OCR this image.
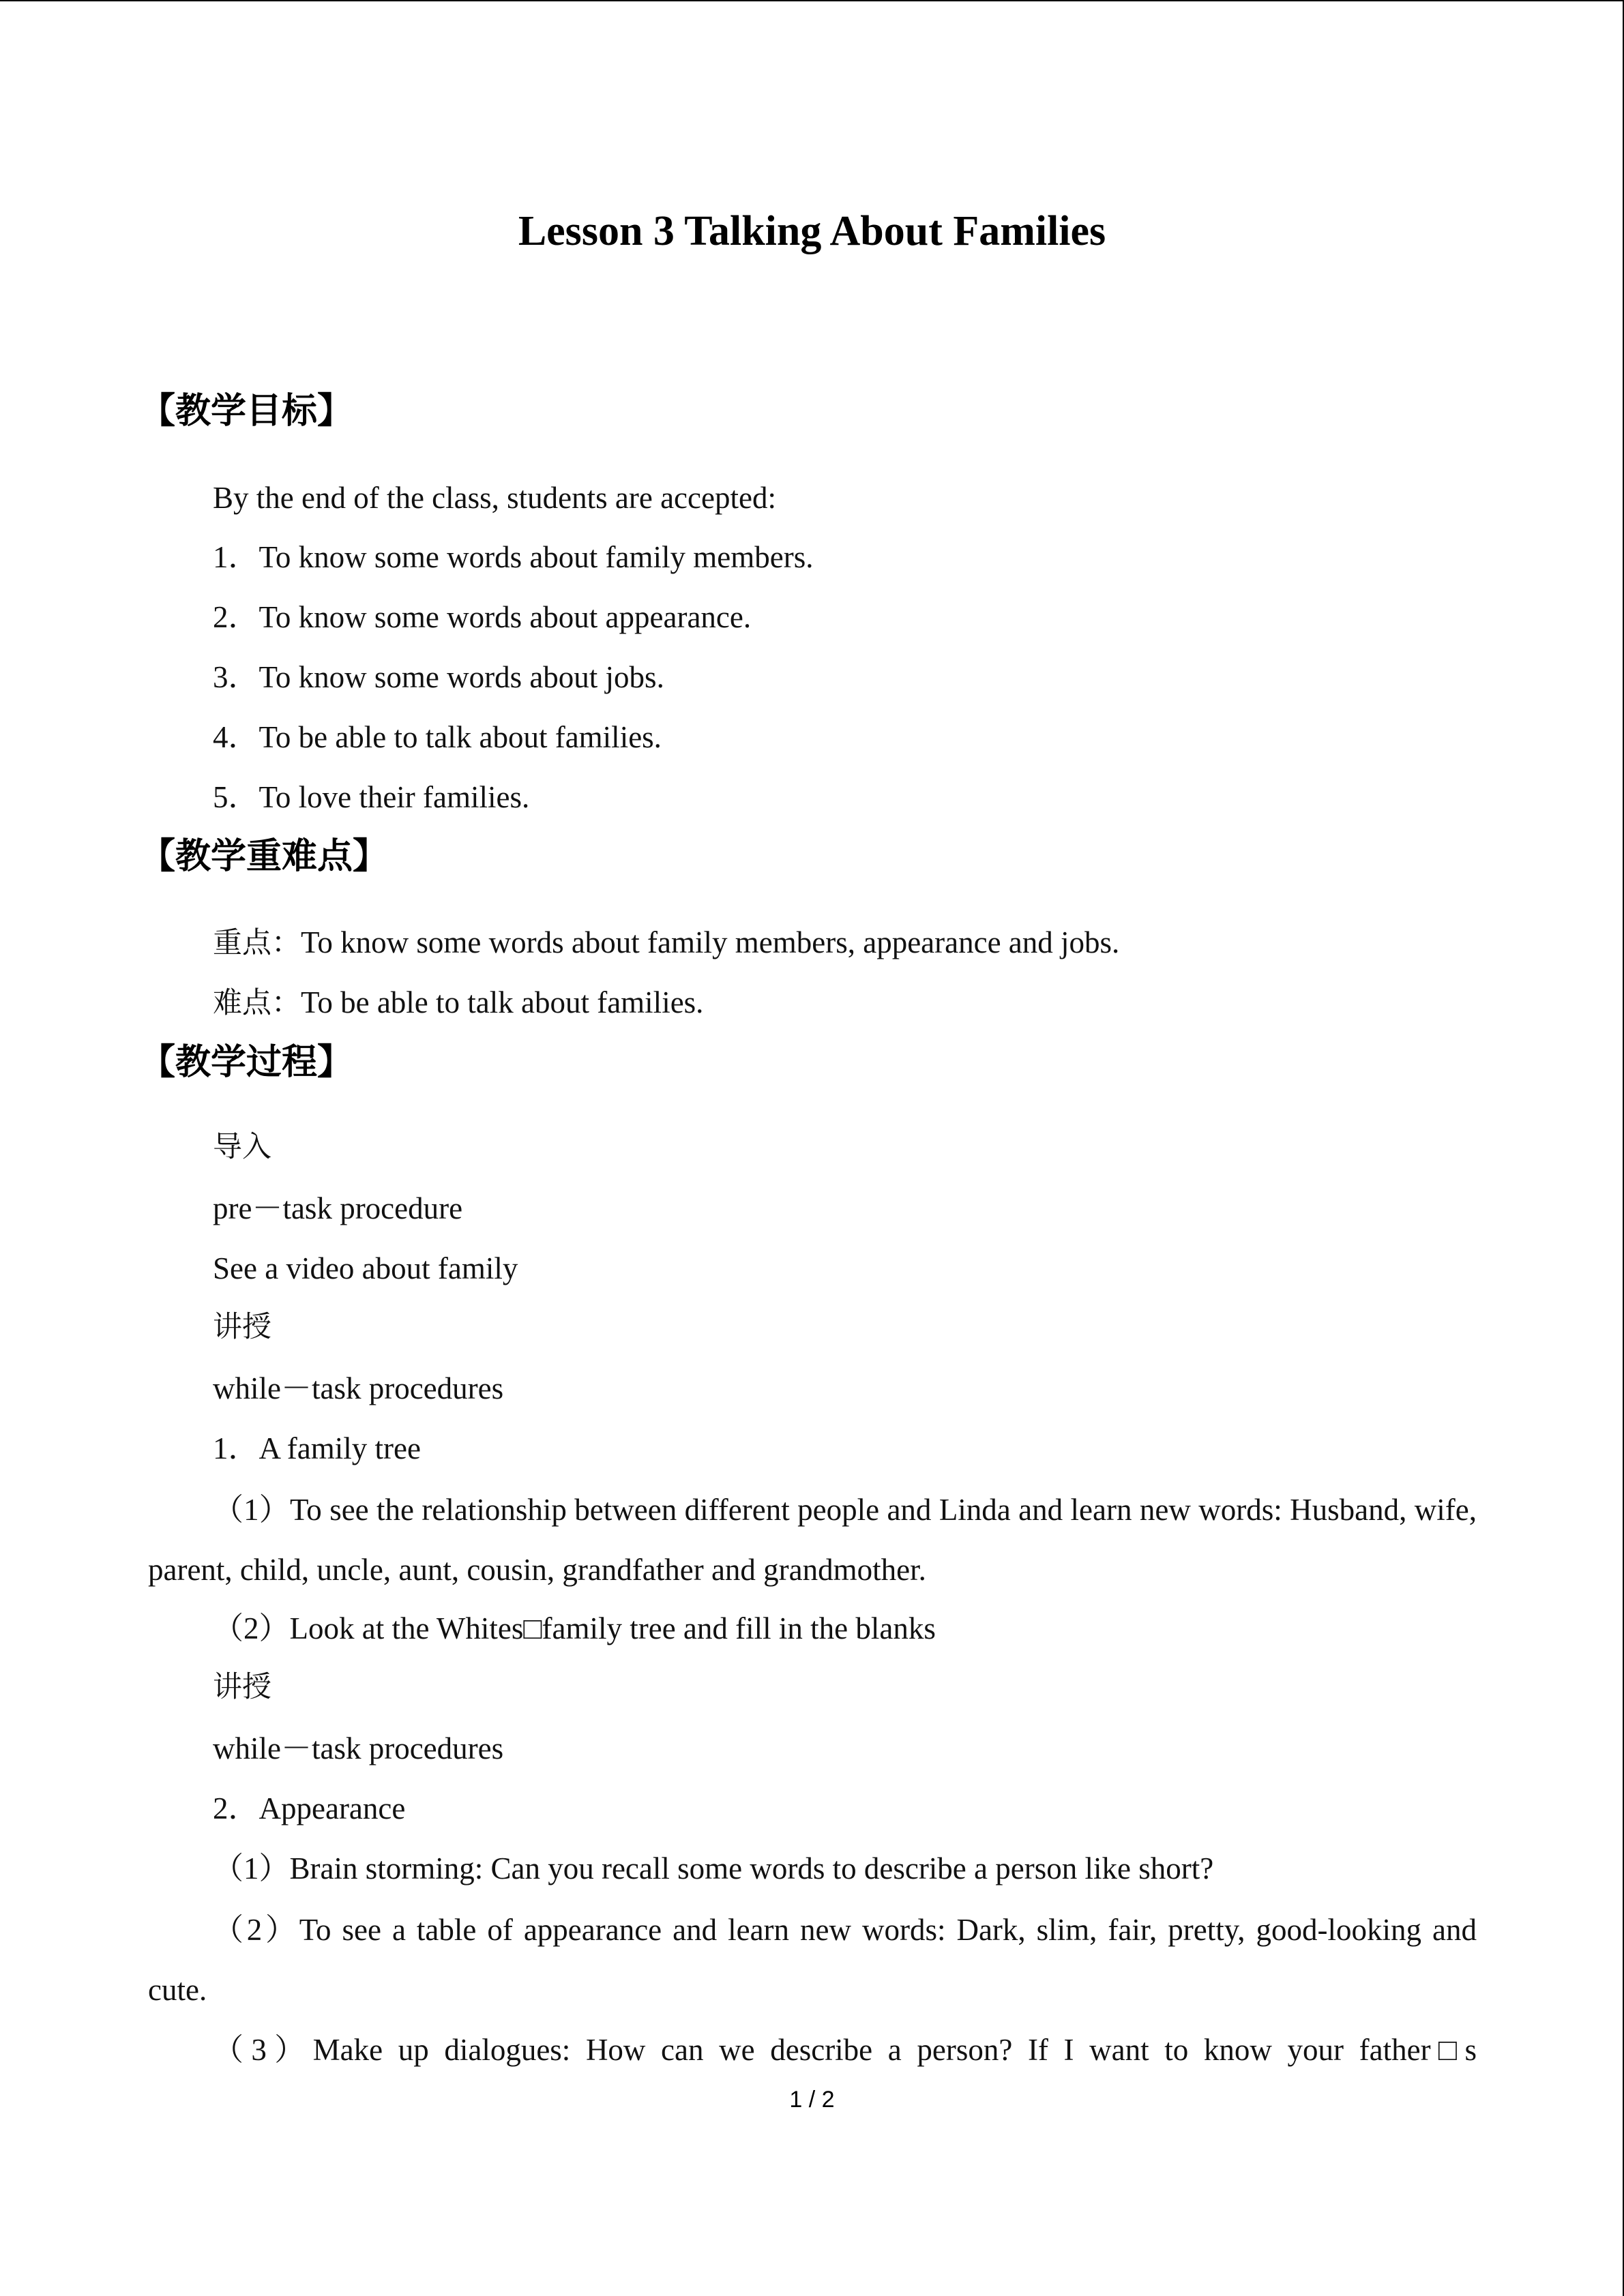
Lesson 3 Talking About Families
【教学目标】
By the end of the class, students are accepted:
1．To know some words about family members.
2．To know some words about appearance.
3．To know some words about jobs.
4．To be able to talk about families.
5．To love their families.
【教学重难点】
重点：To know some words about family members, appearance and jobs.
难点：To be able to talk about families.
【教学过程】
导入
pre－task procedure
See a video about family
讲授
while－task procedures
1．A family tree
（1）To see the relationship between different people and Linda and learn new words: Husband, wife, parent, child, uncle, aunt, cousin, grandfather and grandmother.
（2）Look at the Whites□family tree and fill in the blanks
讲授
while－task procedures
2．Appearance
（1）Brain storming: Can you recall some words to describe a person like short?
（2）To see a table of appearance and learn new words: Dark, slim, fair, pretty, good-looking and cute.
（3）Make up dialogues: How can we describe a person? If I want to know your father□s
1 / 2
